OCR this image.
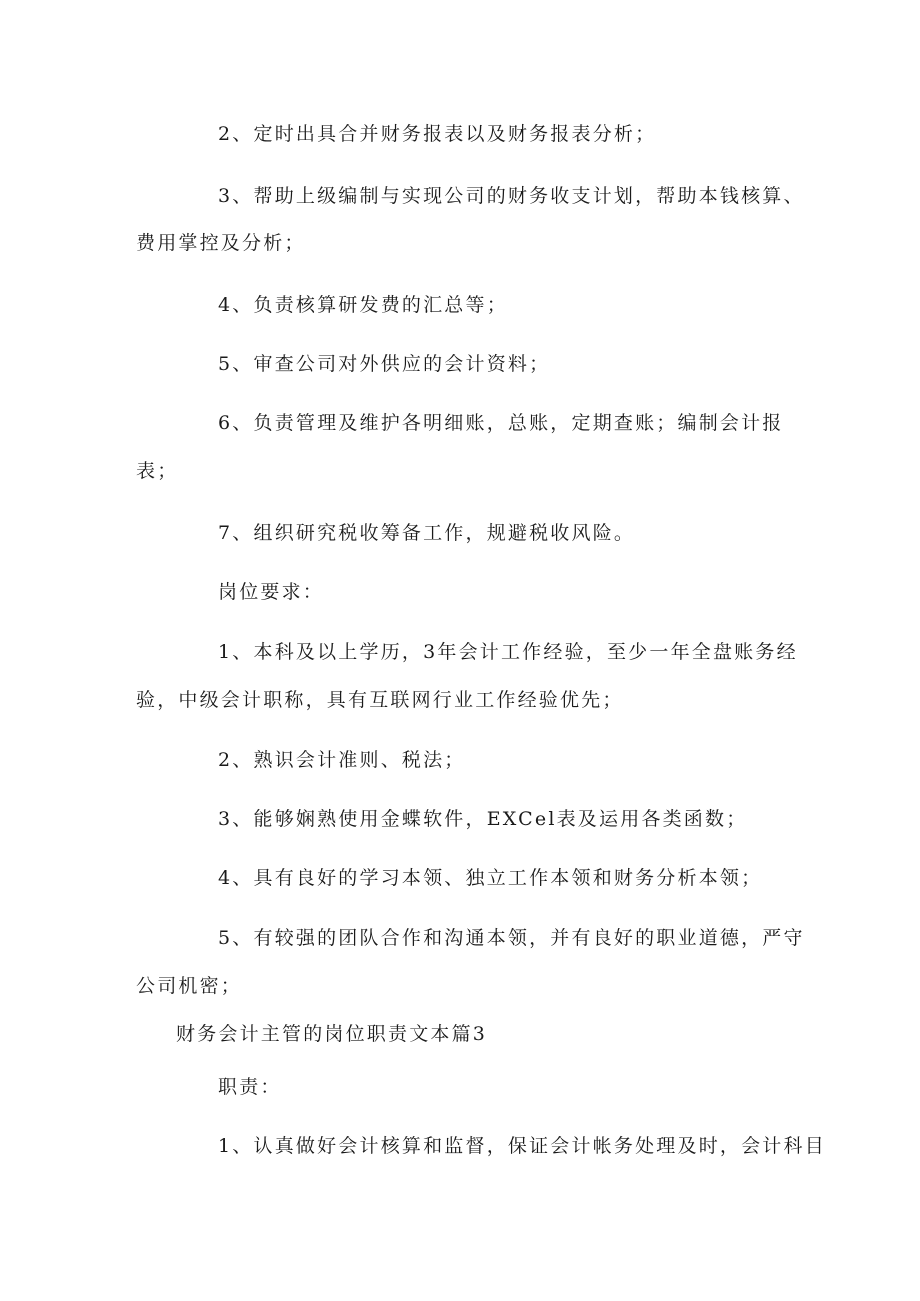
2、定时出具合并财务报表以及财务报表分析；
3、帮助上级编制与实现公司的财务收支计划，帮助本钱核算、
费用掌控及分析；
4、负责核算研发费的汇总等；
5、审查公司对外供应的会计资料；
6、负责管理及维护各明细账，总账，定期查账；编制会计报
表；
7、组织研究税收筹备工作，规避税收风险。
岗位要求：
1、本科及以上学历，3年会计工作经验，至少一年全盘账务经
验，中级会计职称，具有互联网行业工作经验优先；
2、熟识会计准则、税法；
3、能够娴熟使用金蝶软件，EXCel表及运用各类函数；
4、具有良好的学习本领、独立工作本领和财务分析本领；
5、有较强的团队合作和沟通本领，并有良好的职业道德，严守
公司机密；
财务会计主管的岗位职责文本篇3
职责：
1、认真做好会计核算和监督，保证会计帐务处理及时，会计科目
